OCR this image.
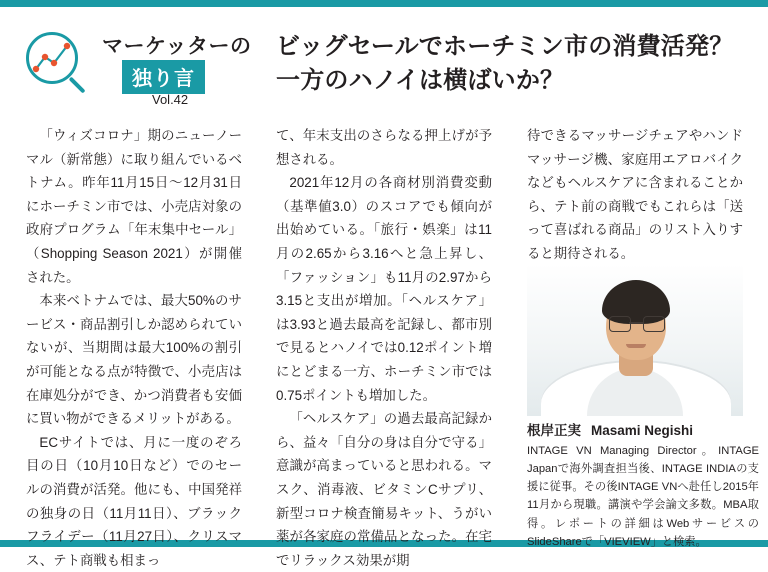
マーケッターの
独り言
Vol.42
ビッグセールでホーチミン市の消費活発？
一方のハノイは横ばいか？

「ウィズコロナ」期のニューノーマル（新常態）に取り組んでいるベトナム。昨年11月15日〜12月31日にホーチミン市では、小売店対象の政府プログラム「年末集中セール」（Shopping Season 2021）が開催された。

本来ベトナムでは、最大50%のサービス・商品割引しか認められていないが、当期間は最大100%の割引が可能となる点が特徴で、小売店は在庫処分ができ、かつ消費者も安価に買い物ができるメリットがある。

ECサイトでは、月に一度のぞろ目の日（10月10日など）でのセールの消費が活発。他にも、中国発祥の独身の日（11月11日）、ブラックフライデー（11月27日）、クリスマス、テト商戦も相まっ

て、年末支出のさらなる押上げが予想される。

2021年12月の各商材別消費変動（基準値3.0）のスコアでも傾向が出始めている。「旅行・娯楽」は11月の2.65から3.16へと急上昇し、「ファッション」も11月の2.97から3.15と支出が増加。「ヘルスケア」は3.93と過去最高を記録し、都市別で見るとハノイでは0.12ポイント増にとどまる一方、ホーチミン市では0.75ポイントも増加した。

「ヘルスケア」の過去最高記録から、益々「自分の身は自分で守る」意識が高まっていると思われる。マスク、消毒液、ビタミンCサプリ、新型コロナ検査簡易キット、うがい薬が各家庭の常備品となった。在宅でリラックス効果が期

待できるマッサージチェアやハンドマッサージ機、家庭用エアロバイクなどもヘルスケアに含まれることから、テト前の商戦でもこれらは「送って喜ばれる商品」のリスト入りすると期待される。

根岸正実 Masami Negishi
INTAGE VN Managing Director。INTAGE Japanで海外調査担当後、INTAGE INDIAの支援に従事。その後INTAGE VNへ赴任し2015年11月から現職。講演や学会論文多数。MBA取得。レポートの詳細はWebサービスのSlideShareで「VIEVIEW」と検索。
